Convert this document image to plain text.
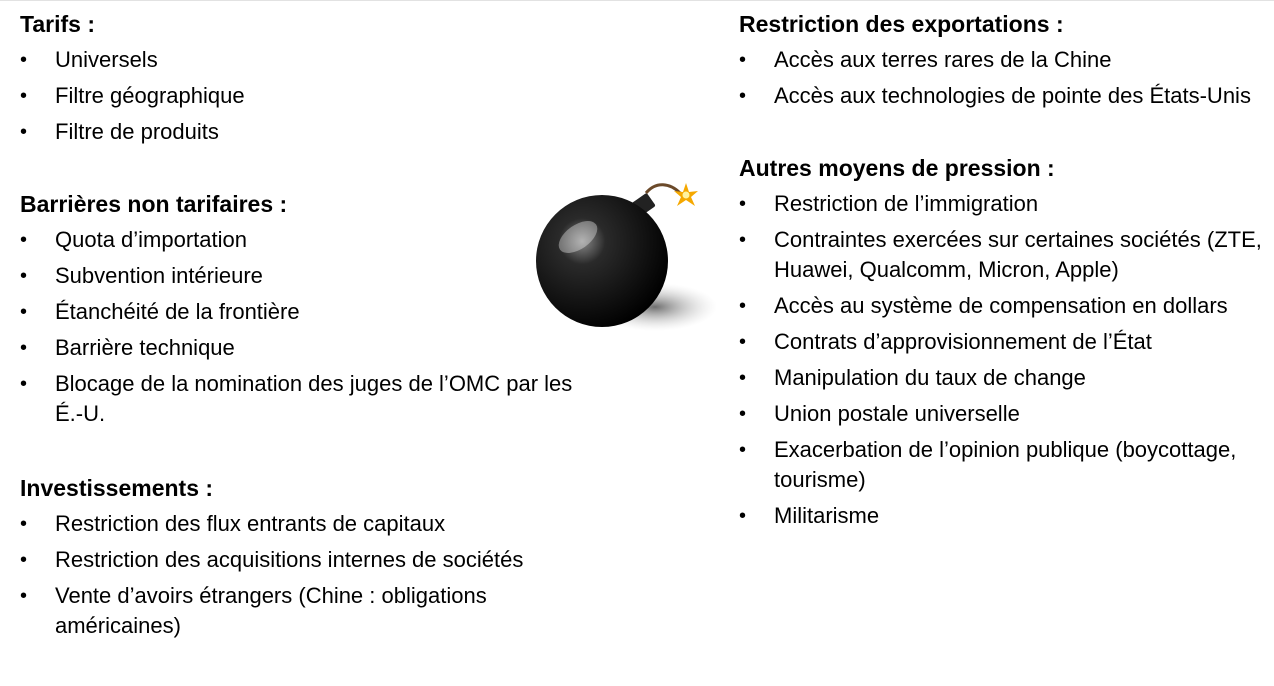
Tarifs :
• Universels
• Filtre géographique
• Filtre de produits
Barrières non tarifaires :
• Quota d’importation
• Subvention intérieure
• Étanchéité de la frontière
• Barrière technique
• Blocage de la nomination des juges de l’OMC par les É.-U.
Investissements :
• Restriction des flux entrants de capitaux
• Restriction des acquisitions internes de sociétés
• Vente d’avoirs étrangers (Chine : obligations américaines)
Restriction des exportations :
• Accès aux terres rares de la Chine
• Accès aux technologies de pointe des États-Unis
Autres moyens de pression :
• Restriction de l’immigration
• Contraintes exercées sur certaines sociétés (ZTE, Huawei, Qualcomm, Micron, Apple)
• Accès au système de compensation en dollars
• Contrats d’approvisionnement de l’État
• Manipulation du taux de change
• Union postale universelle
• Exacerbation de l’opinion publique (boycottage, tourisme)
• Militarisme
